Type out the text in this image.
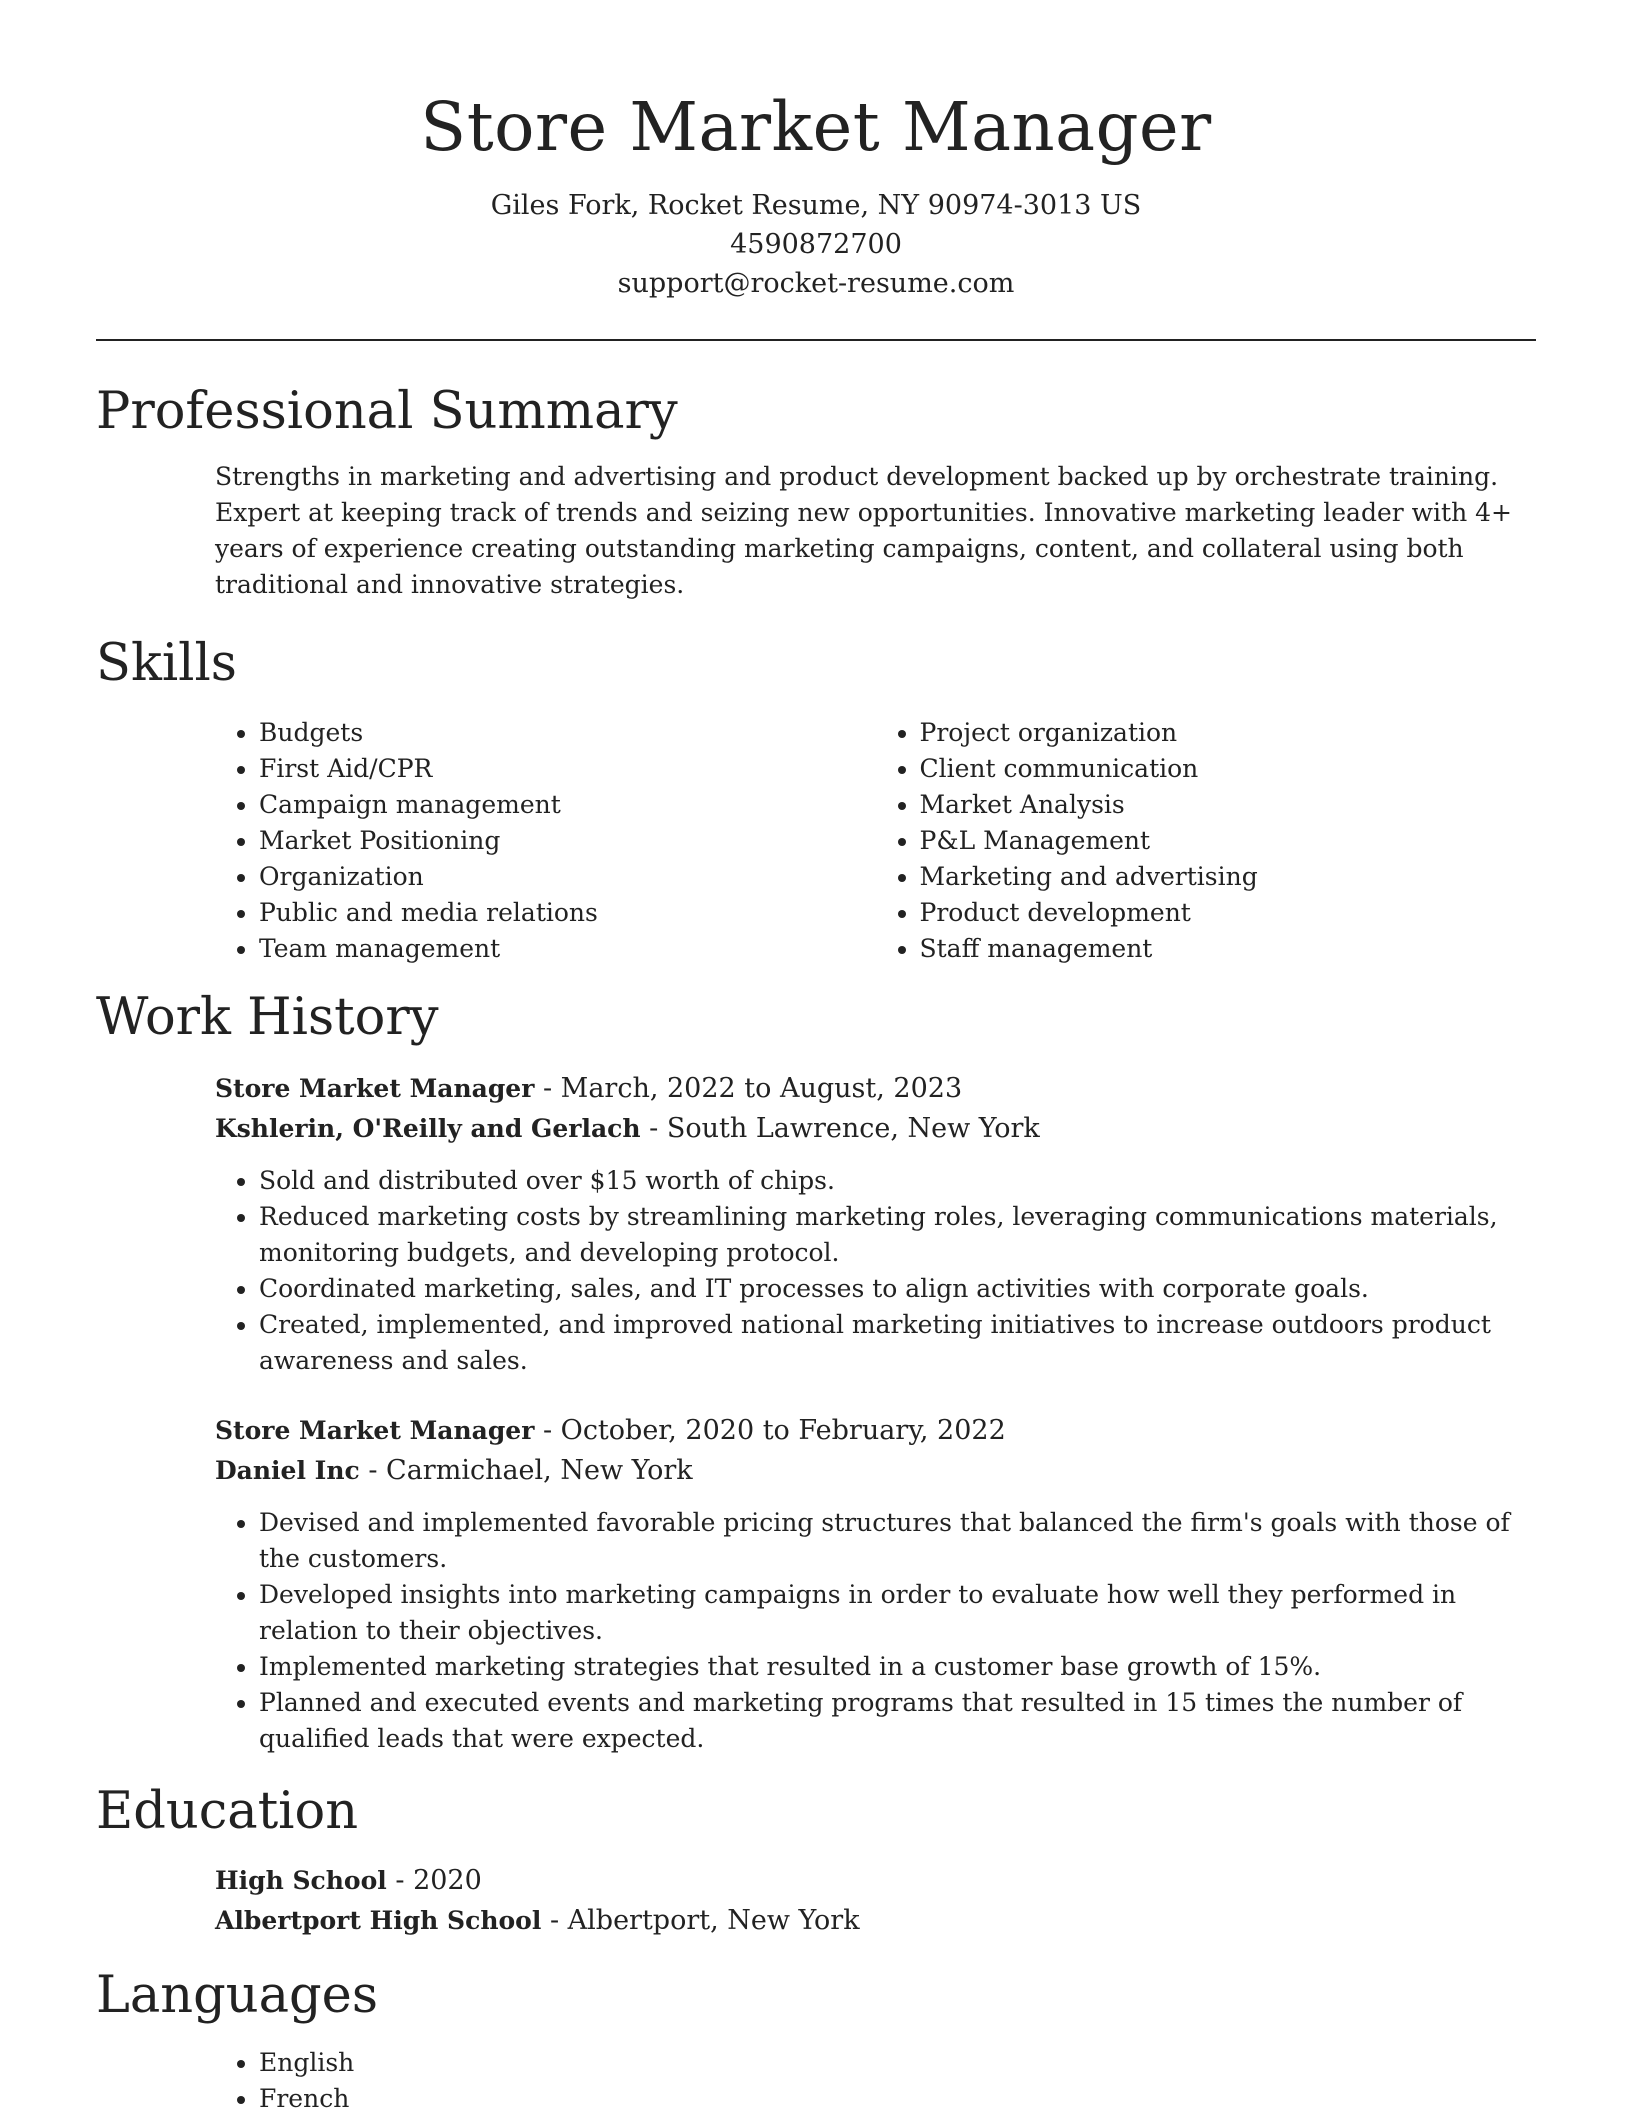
Store Market Manager
Giles Fork, Rocket Resume, NY 90974-3013 US
4590872700
support@rocket-resume.com
Professional Summary
Strengths in marketing and advertising and product development backed up by orchestrate training. Expert at keeping track of trends and seizing new opportunities. Innovative marketing leader with 4+ years of experience creating outstanding marketing campaigns, content, and collateral using both traditional and innovative strategies.
Skills
• Budgets
• First Aid/CPR
• Campaign management
• Market Positioning
• Organization
• Public and media relations
• Team management
• Project organization
• Client communication
• Market Analysis
• P&L Management
• Marketing and advertising
• Product development
• Staff management
Work History
Store Market Manager - March, 2022 to August, 2023
Kshlerin, O'Reilly and Gerlach - South Lawrence, New York
• Sold and distributed over $15 worth of chips.
• Reduced marketing costs by streamlining marketing roles, leveraging communications materials, monitoring budgets, and developing protocol.
• Coordinated marketing, sales, and IT processes to align activities with corporate goals.
• Created, implemented, and improved national marketing initiatives to increase outdoors product awareness and sales.
Store Market Manager - October, 2020 to February, 2022
Daniel Inc - Carmichael, New York
• Devised and implemented favorable pricing structures that balanced the firm's goals with those of the customers.
• Developed insights into marketing campaigns in order to evaluate how well they performed in relation to their objectives.
• Implemented marketing strategies that resulted in a customer base growth of 15%.
• Planned and executed events and marketing programs that resulted in 15 times the number of qualified leads that were expected.
Education
High School - 2020
Albertport High School - Albertport, New York
Languages
• English
• French
